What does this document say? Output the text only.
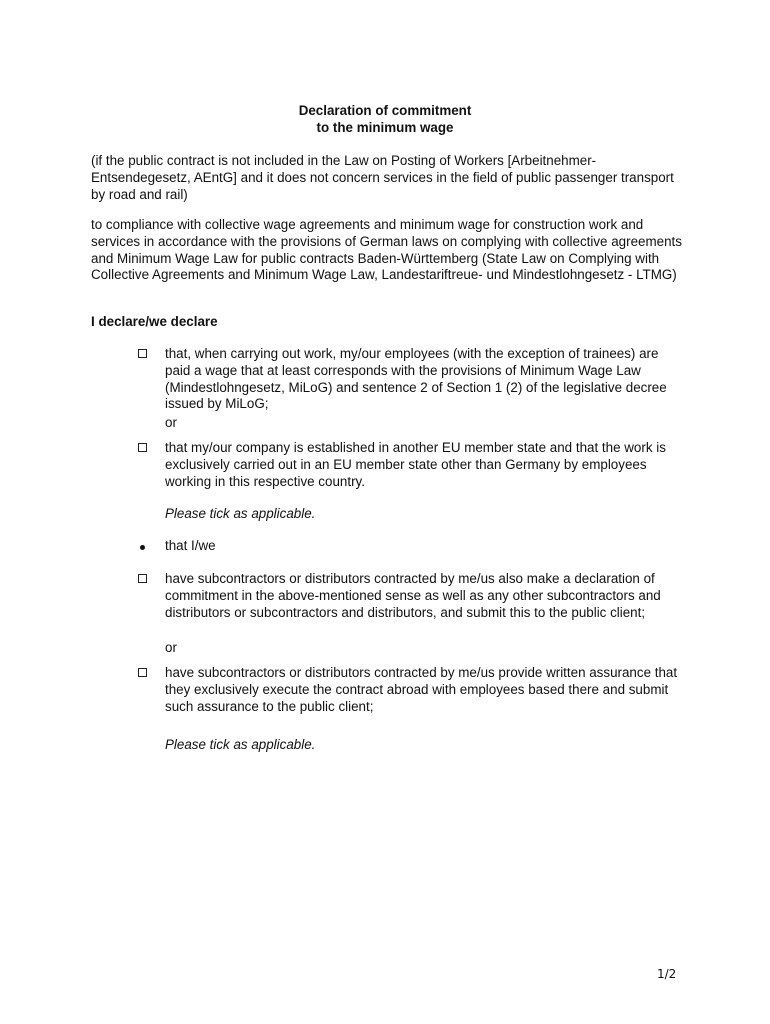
Declaration of commitment
to the minimum wage
(if the public contract is not included in the Law on Posting of Workers [Arbeitnehmer-Entsendegesetz, AEntG] and it does not concern services in the field of public passenger transport by road and rail)
to compliance with collective wage agreements and minimum wage for construction work and services in accordance with the provisions of German laws on complying with collective agreements and Minimum Wage Law for public contracts Baden-Württemberg (State Law on Complying with Collective Agreements and Minimum Wage Law, Landestariftreue- und Mindestlohngesetz - LTMG)
I declare/we declare
that, when carrying out work, my/our employees (with the exception of trainees) are paid a wage that at least corresponds with the provisions of Minimum Wage Law (Mindestlohngesetz, MiLoG) and sentence 2 of Section 1 (2) of the legislative decree issued by MiLoG;
or
that my/our company is established in another EU member state and that the work is exclusively carried out in an EU member state other than Germany by employees working in this respective country.
Please tick as applicable.
that I/we
have subcontractors or distributors contracted by me/us also make a declaration of commitment in the above-mentioned sense as well as any other subcontractors and distributors or subcontractors and distributors, and submit this to the public client;
or
have subcontractors or distributors contracted by me/us provide written assurance that they exclusively execute the contract abroad with employees based there and submit such assurance to the public client;
Please tick as applicable.
1/2
